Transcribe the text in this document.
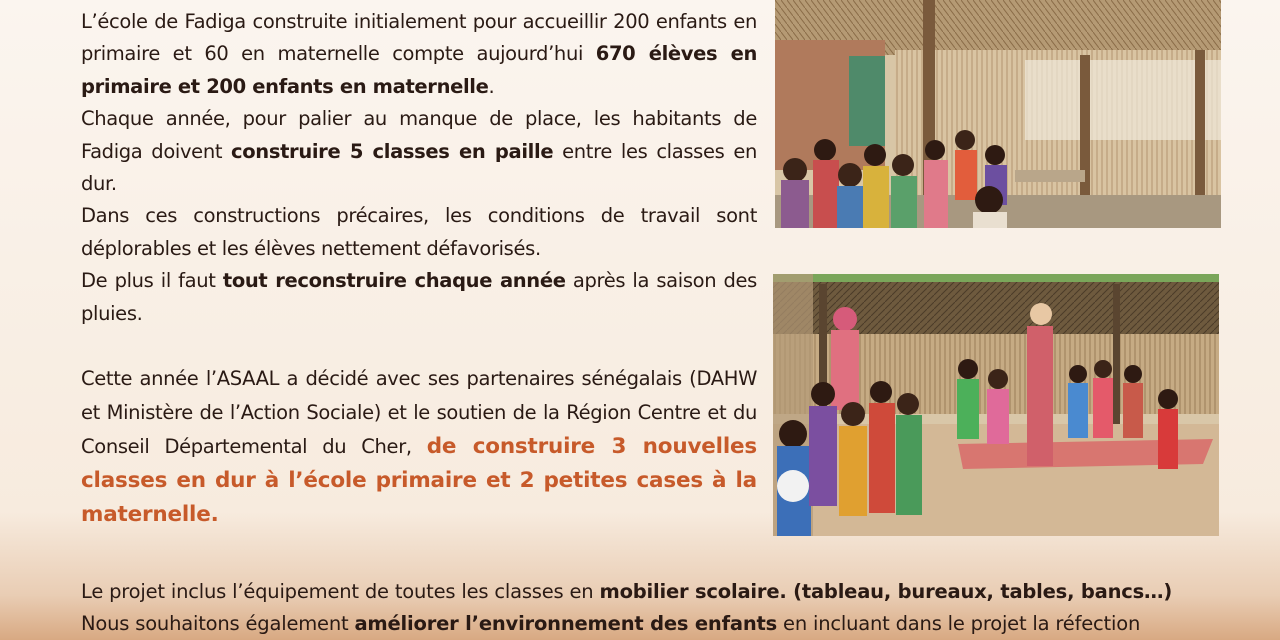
L’école de Fadiga construite initialement pour accueillir 200 enfants en primaire et 60 en maternelle compte aujourd’hui 670 élèves en primaire et 200 enfants en maternelle.

Chaque année, pour palier au manque de place, les habitants de Fadiga doivent construire 5 classes en paille entre les classes en dur.

Dans ces constructions précaires, les conditions de travail sont déplorables et les élèves nettement défavorisés.

De plus il faut tout reconstruire chaque année après la saison des pluies.

Cette année l’ASAAL a décidé avec ses partenaires sénégalais (DAHW et Ministère de l’Action Sociale) et le soutien de la Région Centre et du Conseil Départemental du Cher, de construire 3 nouvelles classes en dur à l’école primaire et 2 petites cases à la maternelle.

Le projet inclus l’équipement de toutes les classes en mobilier scolaire. (tableau, bureaux, tables, bancs…)

Nous souhaitons également améliorer l’environnement des enfants en incluant dans le projet la réfection
